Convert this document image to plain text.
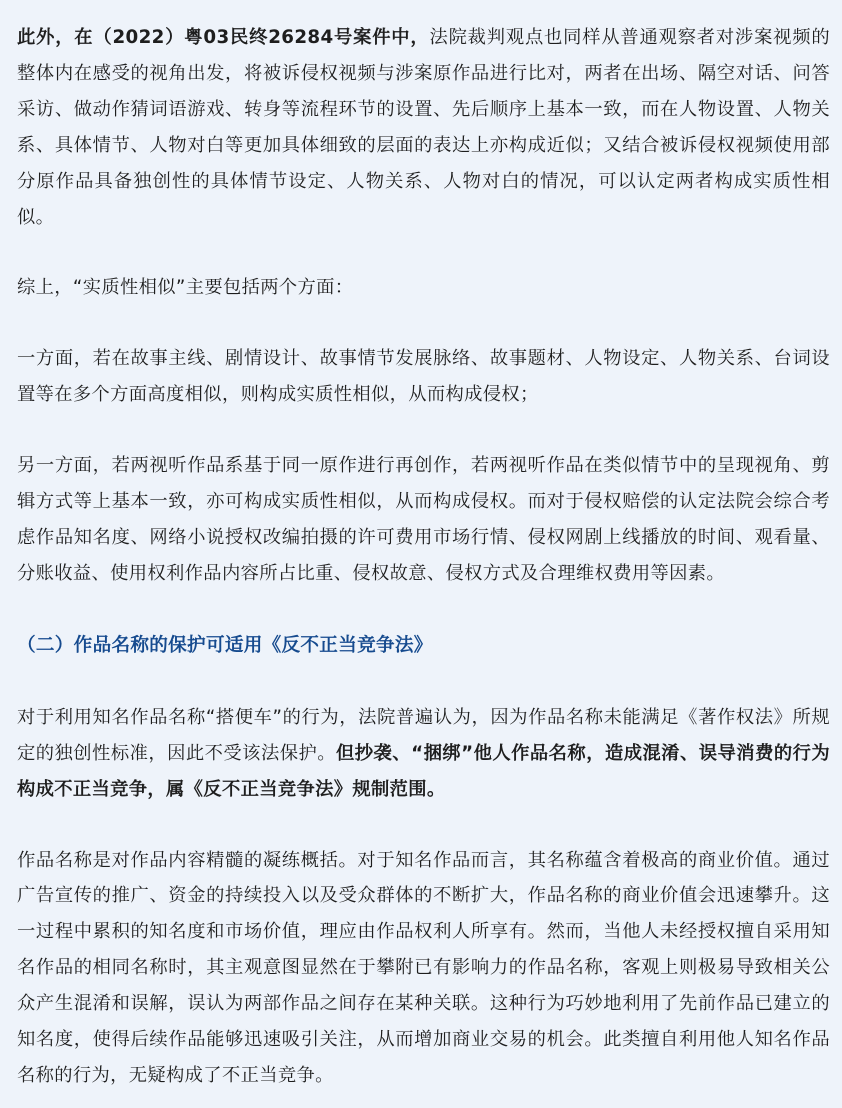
此外，在（2022）粤03民终26284号案件中，法院裁判观点也同样从普通观察者对涉案视频的整体内在感受的视角出发，将被诉侵权视频与涉案原作品进行比对，两者在出场、隔空对话、问答采访、做动作猜词语游戏、转身等流程环节的设置、先后顺序上基本一致，而在人物设置、人物关系、具体情节、人物对白等更加具体细致的层面的表达上亦构成近似；又结合被诉侵权视频使用部分原作品具备独创性的具体情节设定、人物关系、人物对白的情况，可以认定两者构成实质性相似。

综上，“实质性相似”主要包括两个方面：

一方面，若在故事主线、剧情设计、故事情节发展脉络、故事题材、人物设定、人物关系、台词设置等在多个方面高度相似，则构成实质性相似，从而构成侵权；

另一方面，若两视听作品系基于同一原作进行再创作，若两视听作品在类似情节中的呈现视角、剪辑方式等上基本一致，亦可构成实质性相似，从而构成侵权。而对于侵权赔偿的认定法院会综合考虑作品知名度、网络小说授权改编拍摄的许可费用市场行情、侵权网剧上线播放的时间、观看量、分账收益、使用权利作品内容所占比重、侵权故意、侵权方式及合理维权费用等因素。

（二）作品名称的保护可适用《反不正当竞争法》

对于利用知名作品名称“搭便车”的行为，法院普遍认为，因为作品名称未能满足《著作权法》所规定的独创性标准，因此不受该法保护。但抄袭、“捆绑”他人作品名称，造成混淆、误导消费的行为构成不正当竞争，属《反不正当竞争法》规制范围。

作品名称是对作品内容精髓的凝练概括。对于知名作品而言，其名称蕴含着极高的商业价值。通过广告宣传的推广、资金的持续投入以及受众群体的不断扩大，作品名称的商业价值会迅速攀升。这一过程中累积的知名度和市场价值，理应由作品权利人所享有。然而，当他人未经授权擅自采用知名作品的相同名称时，其主观意图显然在于攀附已有影响力的作品名称，客观上则极易导致相关公众产生混淆和误解，误认为两部作品之间存在某种关联。这种行为巧妙地利用了先前作品已建立的知名度，使得后续作品能够迅速吸引关注，从而增加商业交易的机会。此类擅自利用他人知名作品名称的行为，无疑构成了不正当竞争。
